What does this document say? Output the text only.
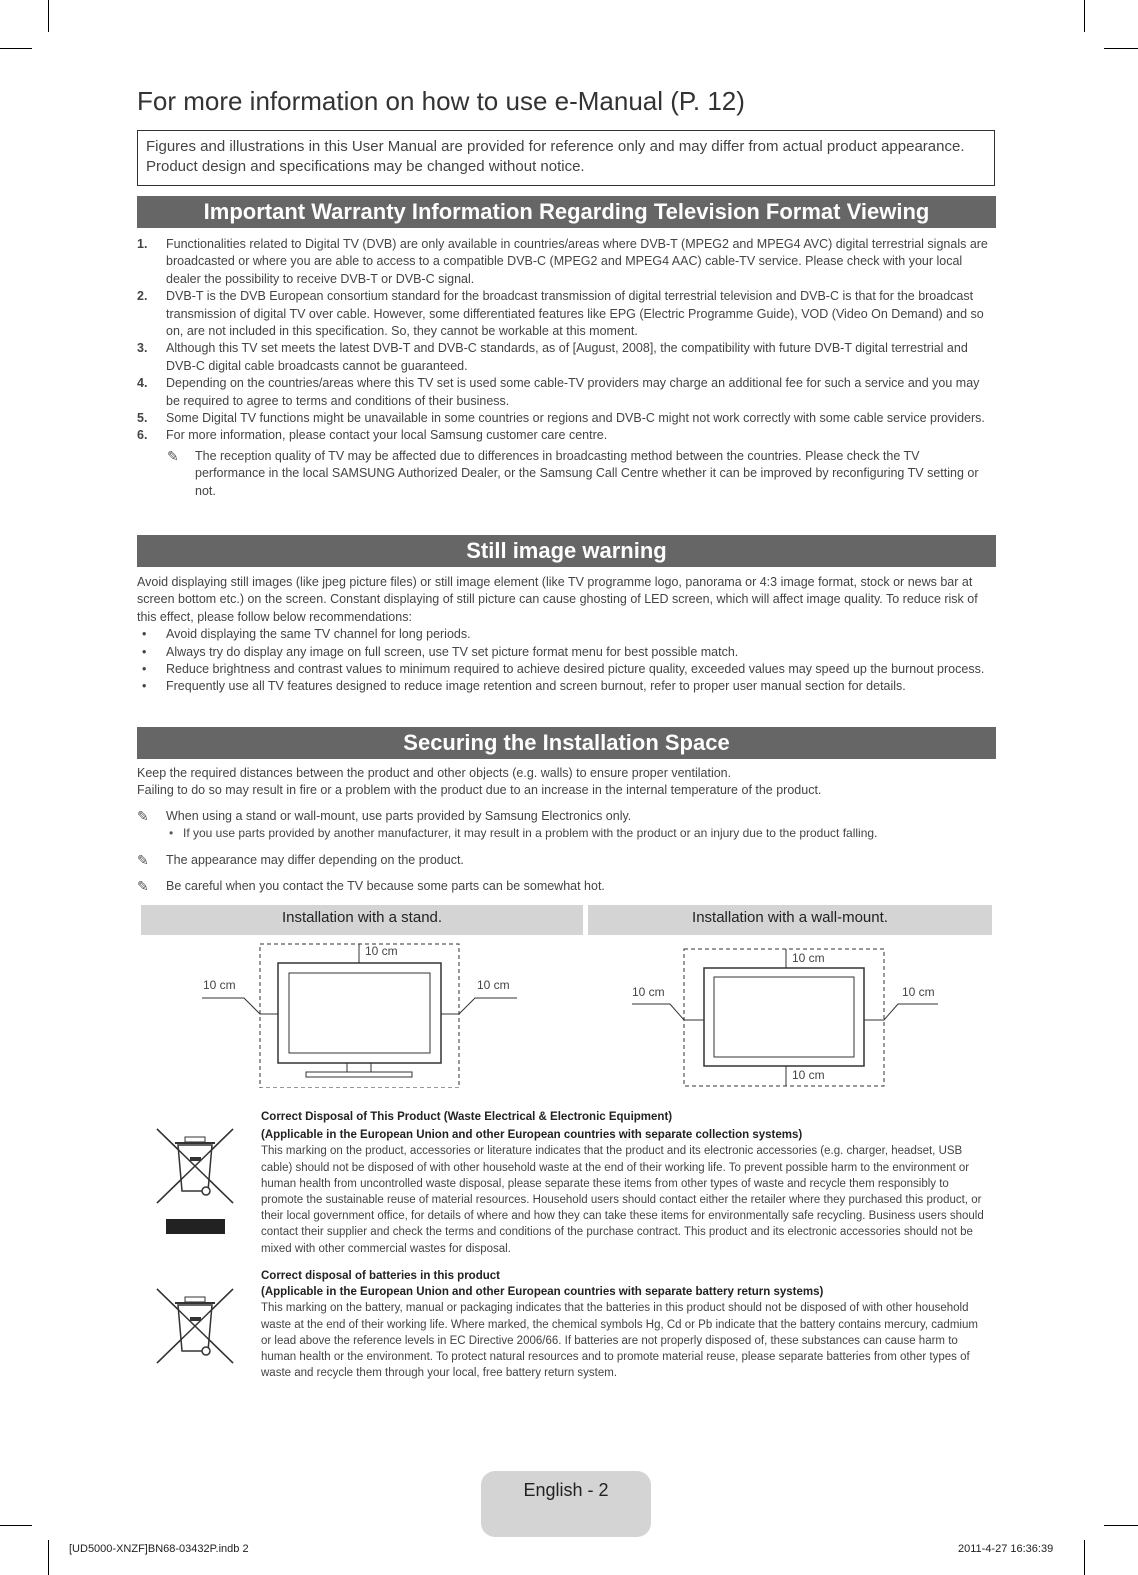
For more information on how to use e-Manual (P. 12)
Figures and illustrations in this User Manual are provided for reference only and may differ from actual product appearance.
Product design and specifications may be changed without notice.
Important Warranty Information Regarding Television Format Viewing
1. Functionalities related to Digital TV (DVB) are only available in countries/areas where DVB-T (MPEG2 and MPEG4 AVC) digital terrestrial signals are broadcasted or where you are able to access to a compatible DVB-C (MPEG2 and MPEG4 AAC) cable-TV service. Please check with your local dealer the possibility to receive DVB-T or DVB-C signal.
2. DVB-T is the DVB European consortium standard for the broadcast transmission of digital terrestrial television and DVB-C is that for the broadcast transmission of digital TV over cable. However, some differentiated features like EPG (Electric Programme Guide), VOD (Video On Demand) and so on, are not included in this specification. So, they cannot be workable at this moment.
3. Although this TV set meets the latest DVB-T and DVB-C standards, as of [August, 2008], the compatibility with future DVB-T digital terrestrial and DVB-C digital cable broadcasts cannot be guaranteed.
4. Depending on the countries/areas where this TV set is used some cable-TV providers may charge an additional fee for such a service and you may be required to agree to terms and conditions of their business.
5. Some Digital TV functions might be unavailable in some countries or regions and DVB-C might not work correctly with some cable service providers.
6. For more information, please contact your local Samsung customer care centre.
✎ The reception quality of TV may be affected due to differences in broadcasting method between the countries. Please check the TV performance in the local SAMSUNG Authorized Dealer, or the Samsung Call Centre whether it can be improved by reconfiguring TV setting or not.
Still image warning
Avoid displaying still images (like jpeg picture files) or still image element (like TV programme logo, panorama or 4:3 image format, stock or news bar at screen bottom etc.) on the screen. Constant displaying of still picture can cause ghosting of LED screen, which will affect image quality. To reduce risk of this effect, please follow below recommendations:
• Avoid displaying the same TV channel for long periods.
• Always try do display any image on full screen, use TV set picture format menu for best possible match.
• Reduce brightness and contrast values to minimum required to achieve desired picture quality, exceeded values may speed up the burnout process.
• Frequently use all TV features designed to reduce image retention and screen burnout, refer to proper user manual section for details.
Securing the Installation Space
Keep the required distances between the product and other objects (e.g. walls) to ensure proper ventilation.
Failing to do so may result in fire or a problem with the product due to an increase in the internal temperature of the product.
✎ When using a stand or wall-mount, use parts provided by Samsung Electronics only.
• If you use parts provided by another manufacturer, it may result in a problem with the product or an injury due to the product falling.
✎ The appearance may differ depending on the product.
✎ Be careful when you contact the TV because some parts can be somewhat hot.
Installation with a stand.	Installation with a wall-mount.
10 cm
10 cm	10 cm
10 cm
10 cm	10 cm
10 cm
Correct Disposal of This Product (Waste Electrical & Electronic Equipment)
(Applicable in the European Union and other European countries with separate collection systems)
This marking on the product, accessories or literature indicates that the product and its electronic accessories (e.g. charger, headset, USB cable) should not be disposed of with other household waste at the end of their working life. To prevent possible harm to the environment or human health from uncontrolled waste disposal, please separate these items from other types of waste and recycle them responsibly to promote the sustainable reuse of material resources. Household users should contact either the retailer where they purchased this product, or their local government office, for details of where and how they can take these items for environmentally safe recycling. Business users should contact their supplier and check the terms and conditions of the purchase contract. This product and its electronic accessories should not be mixed with other commercial wastes for disposal.
Correct disposal of batteries in this product
(Applicable in the European Union and other European countries with separate battery return systems)
This marking on the battery, manual or packaging indicates that the batteries in this product should not be disposed of with other household waste at the end of their working life. Where marked, the chemical symbols Hg, Cd or Pb indicate that the battery contains mercury, cadmium or lead above the reference levels in EC Directive 2006/66. If batteries are not properly disposed of, these substances can cause harm to human health or the environment. To protect natural resources and to promote material reuse, please separate batteries from other types of waste and recycle them through your local, free battery return system.
English - 2
[UD5000-XNZF]BN68-03432P.indb 2	2011-4-27 16:36:39
